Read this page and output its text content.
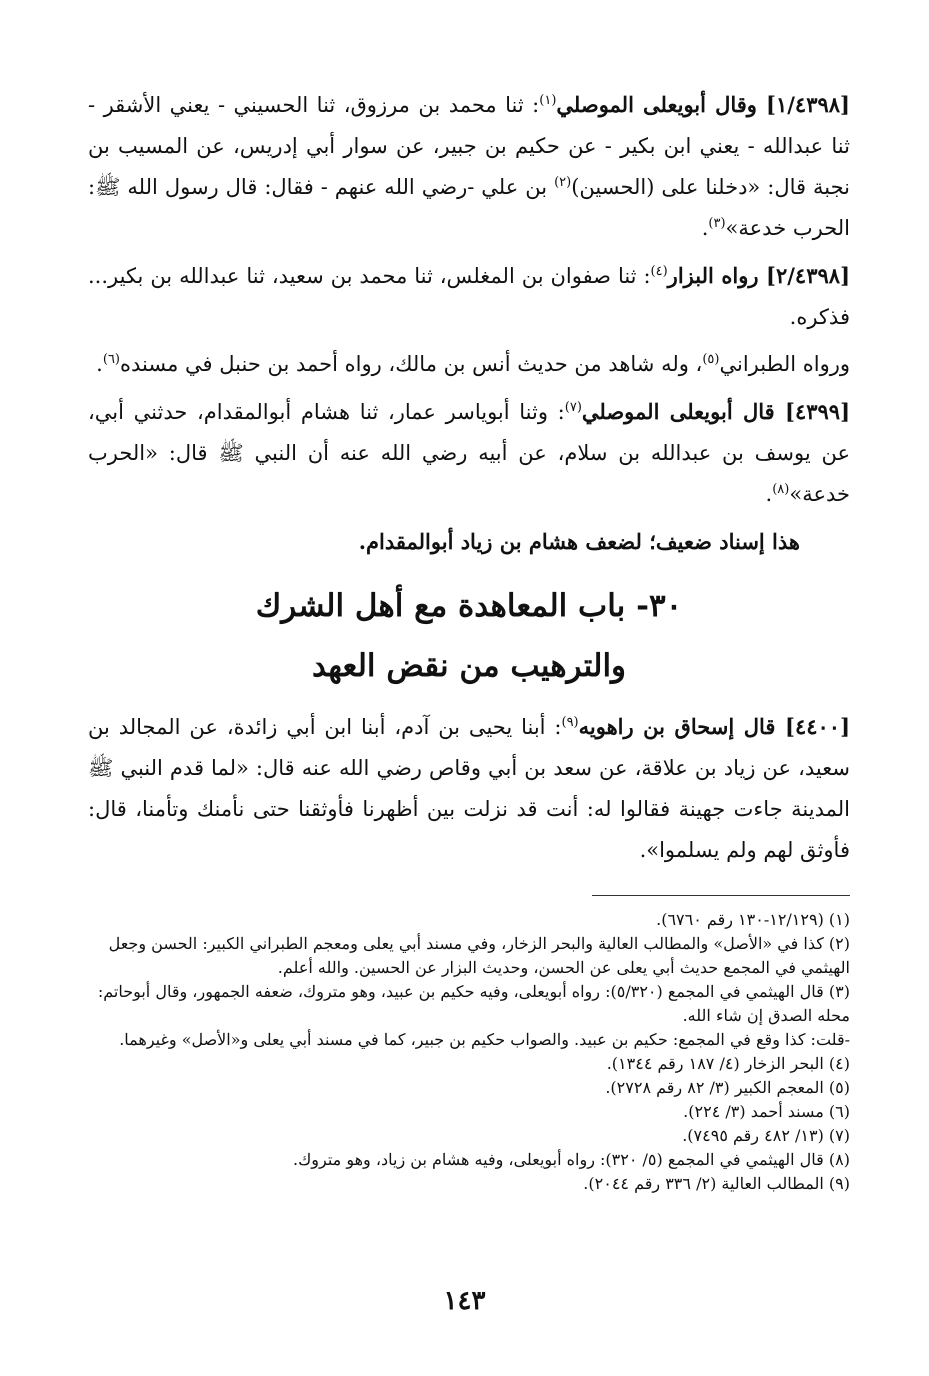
[١/٤٣٩٨] وقال أبويعلى الموصلي$^{(١)}$: ثنا محمد بن مرزوق، ثنا الحسيني - يعني الأشقر - ثنا عبدالله - يعني ابن بكير - عن حكيم بن جبير، عن سوار أبي إدريس، عن المسيب بن نجبة قال: «دخلنا على (الحسين)$^{(٢)}$ بن علي -رضي الله عنهم - فقال: قال رسول الله ﷺ: الحرب خدعة»$^{(٣)}$.

[٢/٤٣٩٨] رواه البزار$^{(٤)}$: ثنا صفوان بن المغلس، ثنا محمد بن سعيد، ثنا عبدالله بن بكير... فذكره.

ورواه الطبراني$^{(٥)}$، وله شاهد من حديث أنس بن مالك، رواه أحمد بن حنبل في مسنده$^{(٦)}$.

[٤٣٩٩] قال أبويعلى الموصلي$^{(٧)}$: وثنا أبوياسر عمار، ثنا هشام أبوالمقدام، حدثني أبي، عن يوسف بن عبدالله بن سلام، عن أبيه رضي الله عنه أن النبي ﷺ قال: «الحرب خدعة»$^{(٨)}$.

هذا إسناد ضعيف؛ لضعف هشام بن زياد أبوالمقدام.

٣٠- باب المعاهدة مع أهل الشرك
والترهيب من نقض العهد

[٤٤٠٠] قال إسحاق بن راهويه$^{(٩)}$: أبنا يحيى بن آدم، أبنا ابن أبي زائدة، عن المجالد بن سعيد، عن زياد بن علاقة، عن سعد بن أبي وقاص رضي الله عنه قال: «لما قدم النبي ﷺ المدينة جاءت جهينة فقالوا له: أنت قد نزلت بين أظهرنا فأوثقنا حتى نأمنك وتأمنا، قال: فأوثق لهم ولم يسلموا».

(١) (١٢/١٢٩-١٣٠ رقم ٦٧٦٠).

(٢) كذا في «الأصل» والمطالب العالية والبحر الزخار، وفي مسند أبي يعلى ومعجم الطبراني الكبير: الحسن وجعل الهيثمي في المجمع حديث أبي يعلى عن الحسن، وحديث البزار عن الحسين. والله أعلم.

(٣) قال الهيثمي في المجمع (٥/٣٢٠): رواه أبويعلى، وفيه حكيم بن عبيد، وهو متروك، ضعفه الجمهور، وقال أبوحاتم: محله الصدق إن شاء الله.

-قلت: كذا وقع في المجمع: حكيم بن عبيد. والصواب حكيم بن جبير، كما في مسند أبي يعلى و«الأصل» وغيرهما.

(٤) البحر الزخار (٤/ ١٨٧ رقم ١٣٤٤).

(٥) المعجم الكبير (٣/ ٨٢ رقم ٢٧٢٨).

(٦) مسند أحمد (٣/ ٢٢٤).

(٧) (١٣/ ٤٨٢ رقم ٧٤٩٥).

(٨) قال الهيثمي في المجمع (٥/ ٣٢٠): رواه أبويعلى، وفيه هشام بن زياد، وهو متروك.

(٩) المطالب العالية (٢/ ٣٣٦ رقم ٢٠٤٤).

١٤٣
